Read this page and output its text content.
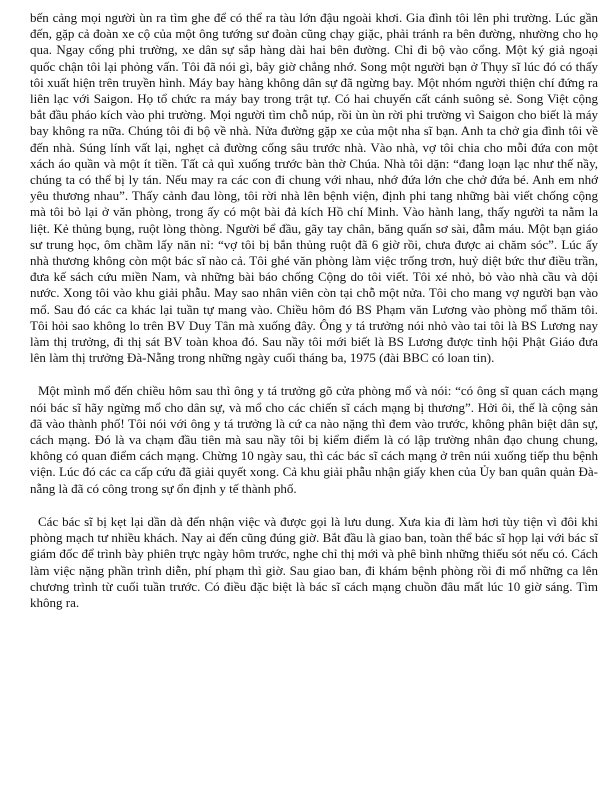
bến cảng mọi người ùn ra tìm ghe để có thể ra tàu lớn đậu ngoài khơi. Gia đình tôi lên phi trường. Lúc gần đến, gặp cả đoàn xe cộ của một ông tướng sư đoàn cũng chạy giặc, phải tránh ra bên đường, nhường cho họ qua. Ngay cổng phi trường, xe dân sự sắp hàng dài hai bên đường. Chỉ đi bộ vào cổng. Một ký giả ngoại quốc chận tôi lại phỏng vấn. Tôi đã nói gì, bây giờ chẳng nhớ. Song một người bạn ở Thụy sĩ lúc đó có thấy tôi xuất hiện trên truyền hình. Máy bay hàng không dân sự đã ngừng bay. Một nhóm người thiện chí đứng ra liên lạc với Saigon. Họ tổ chức ra máy bay trong trật tự. Có hai chuyến cất cánh suông sẻ. Song Việt cộng bắt đầu pháo kích vào phi trường. Mọi người tìm chỗ núp, rồi ùn ùn rời phi trường vì Saigon cho biết là máy bay không ra nữa. Chúng tôi đi bộ về nhà. Nửa đường gặp xe của một nha sĩ bạn. Anh ta chở gia đình tôi về đến nhà. Súng lính vất lại, nghẹt cả đường cống sâu trước nhà. Vào nhà, vợ tôi chia cho mỗi đứa con một xách áo quần và một ít tiền. Tất cả quì xuống trước bàn thờ Chúa. Nhà tôi dặn: “đang loạn lạc như thế nầy, chúng ta có thể bị ly tán. Nếu may ra các con đi chung với nhau, nhớ đứa lớn che chở đứa bé. Anh em nhớ yêu thương nhau”. Thấy cảnh đau lòng, tôi rời nhà lên bệnh viện, định phi tang những bài viết chống cộng mà tôi bỏ lại ở văn phòng, trong ấy có một bài đả kích Hồ chí Minh. Vào hành lang, thấy người ta nằm la liệt. Kẻ thủng bụng, ruột lòng thòng. Người bể đầu, gãy tay chân, băng quấn sơ sài, đẫm máu. Một bạn giáo sư trung học, ôm chầm lấy năn nỉ: “vợ tôi bị bắn thủng ruột đã 6 giờ rồi, chưa được ai chăm sóc”. Lúc ấy nhà thương không còn một bác sĩ nào cả. Tôi ghé văn phòng làm việc trống trơn, huỷ diệt bức thư điều trần, đưa kế sách cứu miền Nam, và những bài báo chống Cộng do tôi viết. Tôi xé nhỏ, bỏ vào nhà cầu và dội nước. Xong tôi vào khu giải phẫu. May sao nhân viên còn tại chỗ một nửa. Tôi cho mang vợ người bạn vào mổ. Sau đó các ca khác lại tuần tự mang vào. Chiều hôm đó BS Phạm văn Lương vào phòng mổ thăm tôi. Tôi hỏi sao không lo trên BV Duy Tân mà xuống đây. Ông y tá trưởng nói nhỏ vào tai tôi là BS Lương nay làm thị trưởng, đi thị sát BV toàn khoa đó. Sau nầy tôi mới biết là BS Lương được tỉnh hội Phật Giáo đưa lên làm thị trưởng Đà-Nẵng trong những ngày cuối tháng ba, 1975 (đài BBC có loan tin).

Một mình mổ đến chiều hôm sau thì ông y tá trưởng gõ cửa phòng mổ và nói: “có ông sĩ quan cách mạng nói bác sĩ hãy ngừng mổ cho dân sự, và mổ cho các chiến sĩ cách mạng bị thương”. Hởi ôi, thế là cộng sản đã vào thành phố! Tôi nói với ông y tá trưởng là cứ ca nào nặng thì đem vào trước, không phân biệt dân sự, cách mạng. Đó là va chạm đầu tiên mà sau nầy tôi bị kiểm điểm là có lập trường nhân đạo chung chung, không có quan điểm cách mạng. Chừng 10 ngày sau, thì các bác sĩ cách mạng ở trên núi xuống tiếp thu bệnh viện. Lúc đó các ca cấp cứu đã giải quyết xong. Cả khu giải phẫu nhận giấy khen của Ủy ban quân quản Đà-nẵng là đã có công trong sự ổn định y tế thành phố.

Các bác sĩ bị kẹt lại dần dà đến nhận việc và được gọi là lưu dung. Xưa kia đi làm hơi tùy tiện vì đôi khi phòng mạch tư nhiều khách. Nay ai đến cũng đúng giờ. Bắt đầu là giao ban, toàn thể bác sĩ họp lại với bác sĩ giám đốc để trình bày phiên trực ngày hôm trước, nghe chỉ thị mới và phê bình những thiếu sót nếu có. Cách làm việc nặng phần trình diễn, phí phạm thì giờ. Sau giao ban, đi khám bệnh phòng rồi đi mổ những ca lên chương trình từ cuối tuần trước. Có điều đặc biệt là bác sĩ cách mạng chuồn đâu mất lúc 10 giờ sáng. Tìm không ra.
